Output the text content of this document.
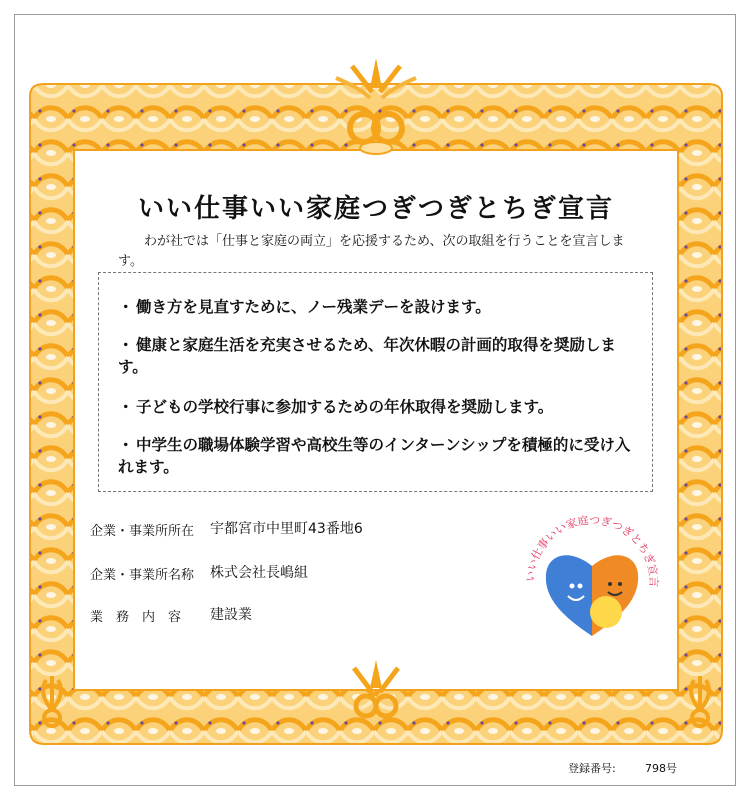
いい仕事いい家庭つぎつぎとちぎ宣言
わが社では「仕事と家庭の両立」を応援するため、次の取組を行うことを宣言します。
・ 働き方を見直すために、ノー残業デーを設けます。
・ 健康と家庭生活を充実させるため、年次休暇の計画的取得を奨励します。
・ 子どもの学校行事に参加するための年休取得を奨励します。
・ 中学生の職場体験学習や高校生等のインターンシップを積極的に受け入れます。
企業・事業所所在 宇都宮市中里町43番地6
企業・事業所名称 株式会社長嶋組
業　務　内　容 建設業
いい仕事いい家庭つぎつぎとちぎ宣言
登録番号:	798号
